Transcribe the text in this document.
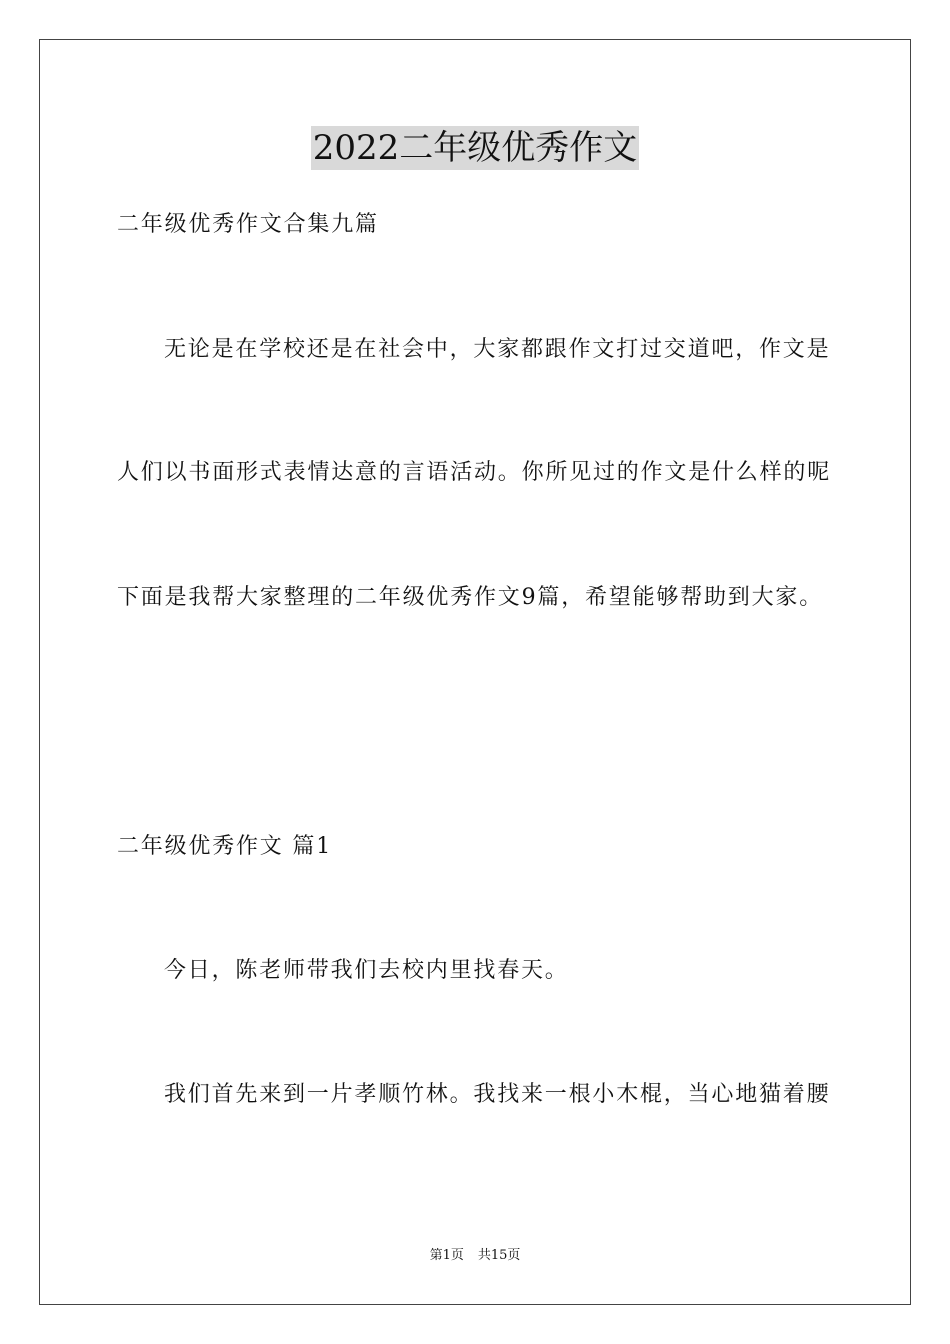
2022二年级优秀作文
二年级优秀作文合集九篇
无论是在学校还是在社会中，大家都跟作文打过交道吧，作文是
人们以书面形式表情达意的言语活动。你所见过的作文是什么样的呢
下面是我帮大家整理的二年级优秀作文9篇，希望能够帮助到大家。
二年级优秀作文 篇1
今日，陈老师带我们去校内里找春天。
我们首先来到一片孝顺竹林。我找来一根小木棍，当心地猫着腰
第1页 共15页
